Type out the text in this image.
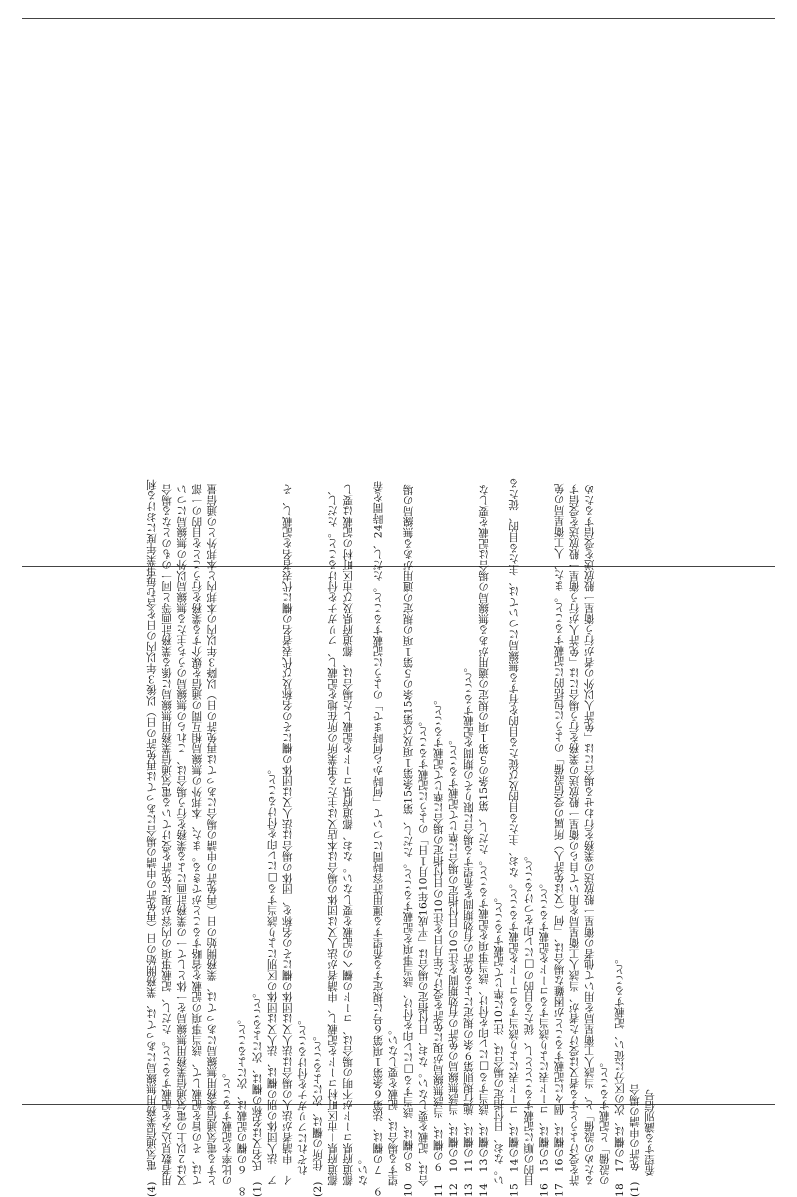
(4)　電気通信業務用無線局にあっては、業務開始の日（再免許の申請の場合にあっては再免許の日）以後３年以内の日を含む毎事業年度における利用者数見込みを記載すること。ただし、記載事項の内容が現に免許を受けている電気通信業務用無線局に係る業務計画等と同一のものとなる場合又は２以上の電気通信業務用無線局を一体として一の業務計画による業務を行う場合は、これらの無線局のうち主たる無線局以外の無線局については、その旨を記載して、該当事項の記載を省略することができる。また、本邦外の無線局相互間の通信を媒介する業務を行うことを目的の一部とする電気通信業務用無線局にあっては、業務開始の日（再免許の申請の場合にあっては再免許の日）以降３年以内の本邦内と本邦外との通信量の比率を記載すること。 ８　６の欄の記載は、次によること。 (1)　氏名又は名称の欄は、次によること。 ア　法人団体の別の欄は、法人又は団体の区別により該当する□にレ印を付けること。 イ　申請者が法人の場合は法人又は団体の欄にその名称を、団体の場合は法人又は団体の欄にその名称及び代表者名の欄に代表者名を記載し、それぞれにフリガナを付けること。 (2)　住所の欄は、次によること。 都道府県－市区町村コードを記載し、申請者が法人又は団体の場合は本店又は主たる事業所の所在地を記載し、フリガナを付けること。ただし、都道府県コードが不明の場合は、コードの欄への記載を要しない。なお、都道府県コードを記載した場合は、都道府県及び市区町村の記載は要しない。 ９　７の欄は、法第６条第１項第６号に規定する希望する運用許容時間について「何時から何時まで」のように記載すること。ただし、24時間を希望する場合は、記載を要しない。 10　８の欄は、該当する□にレ印を付け、該当事項を記載すること。ただし、第15条第１項及び第15条の５第１項の規定の適用がある無線局の場合は、記載を要しない。なお、日付指定の場合は「平成16年10月１日」のように記載すること。 11　９の欄は、当該無線局が現に免許を受けた年月日を注10の日付指定の場合に準じて記載すること。 12　10の欄は、当該無線局の免許の有効期間を注10の日付指定の場合に準じて記載すること。 13　11の欄は、施行規則第９条の規定による免許の有効期間を希望する場合に限りその期間を記載すること。 14　13の欄は、該当する□にレ印を付け、該当事項を記載すること。ただし、第15条の５第１項の規定の適用がある無線局の場合は記載を要しない。なお、日付指定の場合は、注10に準じて記載すること。 15　14の欄は、コード表により該当するコードを記載すること。なお、主たる目的及び従たる目的を有する無線局については、主たる目的、従たる目的の順に記載することとし、従たる目的の□にレ印をつけること。 16　15の欄は、コード表により該当するコードを記載すること。 17　16の欄は、個々に記載することが困難な場合は、「何（又は免許人）所属の受信設備」のように包括的に記載すること。また、人工衛星局の免許を受けようとする者又は受けた者が、当該人工衛星局を用いて自らの衛星一般放送の業務を行う場合には「免許人が行う衛星一般放送を受信するための設備」と、当該人工衛星局を用いて他者の衛星一般放送の業務を行わせる場合には「免許人以外の者が行う衛星一般放送を受信するための設備」と記載すること。 18　17の欄は、次の区分に従い、記載すること。 (1)　免許の申請の場合 希望する識別信号
